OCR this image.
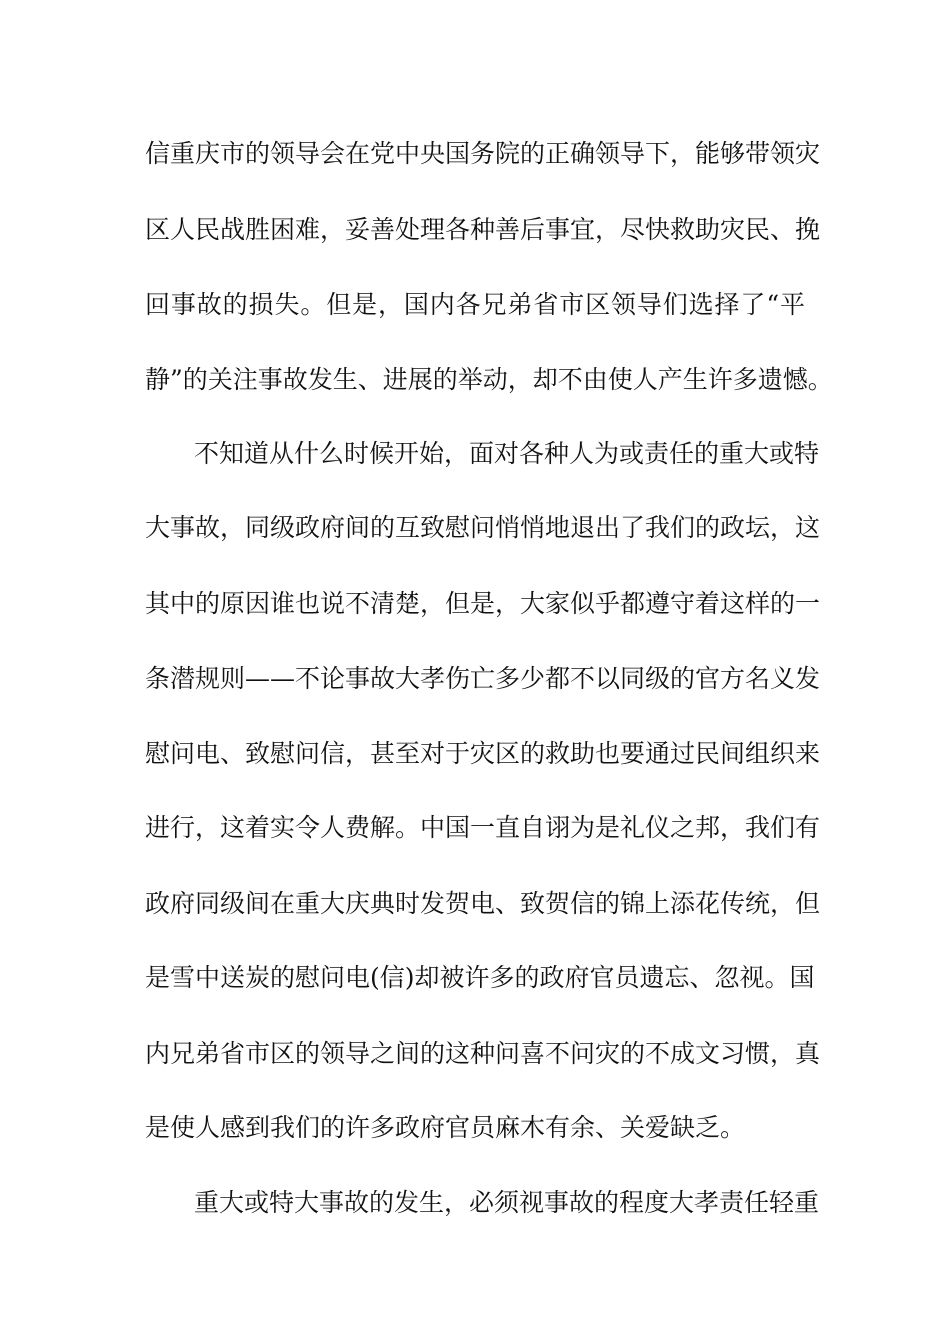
信重庆市的领导会在党中央国务院的正确领导下，能够带领灾
区人民战胜困难，妥善处理各种善后事宜，尽快救助灾民、挽
回事故的损失。但是，国内各兄弟省市区领导们选择了“平
静”的关注事故发生、进展的举动，却不由使人产生许多遗憾。
不知道从什么时候开始，面对各种人为或责任的重大或特
大事故，同级政府间的互致慰问悄悄地退出了我们的政坛，这
其中的原因谁也说不清楚，但是，大家似乎都遵守着这样的一
条潜规则——不论事故大孝伤亡多少都不以同级的官方名义发
慰问电、致慰问信，甚至对于灾区的救助也要通过民间组织来
进行，这着实令人费解。中国一直自诩为是礼仪之邦，我们有
政府同级间在重大庆典时发贺电、致贺信的锦上添花传统，但
是雪中送炭的慰问电(信)却被许多的政府官员遗忘、忽视。国
内兄弟省市区的领导之间的这种问喜不问灾的不成文习惯，真
是使人感到我们的许多政府官员麻木有余、关爱缺乏。
重大或特大事故的发生，必须视事故的程度大孝责任轻重
